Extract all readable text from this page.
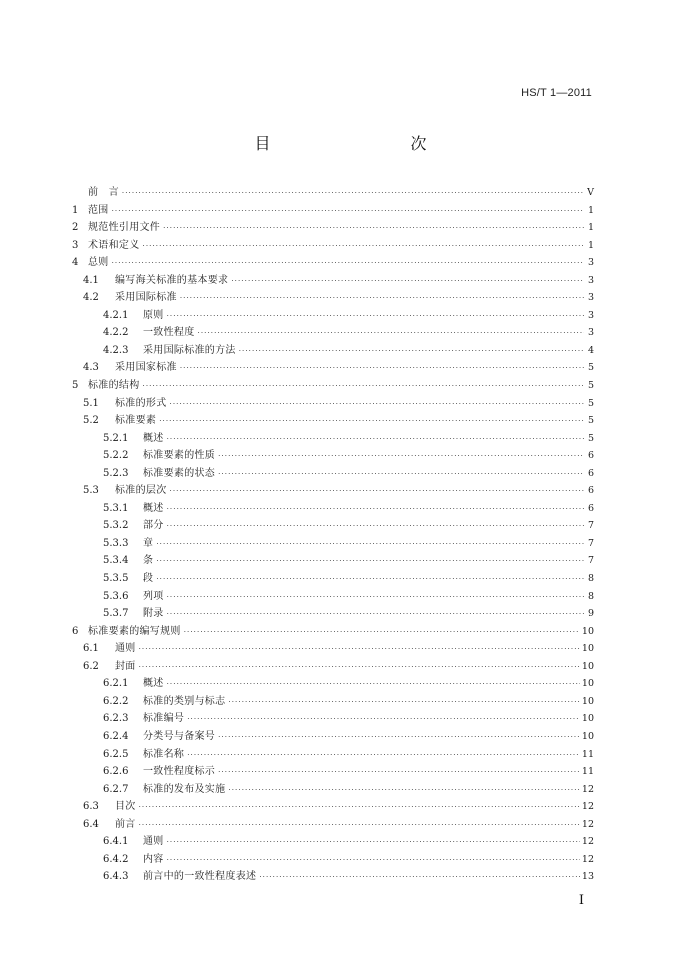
HS/T 1—2011
目　　次
前　言 ·····	Ⅴ
1 范围 ·····	1
2 规范性引用文件 ·····	1
3 术语和定义 ·····	1
4 总则 ·····	3
4.1	编写海关标准的基本要求 ·····	3
4.2	采用国际标准 ·····	3
4.2.1	原则 ·····	3
4.2.2	一致性程度 ·····	3
4.2.3	采用国际标准的方法 ·····	4
4.3	采用国家标准 ·····	5
5 标准的结构 ·····	5
5.1	标准的形式 ·····	5
5.2	标准要素 ·····	5
5.2.1	概述 ·····	5
5.2.2	标准要素的性质 ·····	6
5.2.3	标准要素的状态 ·····	6
5.3	标准的层次 ·····	6
5.3.1	概述 ·····	6
5.3.2	部分 ·····	7
5.3.3	章 ·····	7
5.3.4	条 ·····	7
5.3.5	段 ·····	8
5.3.6	列项 ·····	8
5.3.7	附录 ·····	9
6 标准要素的编写规则 ·····	10
6.1	通则 ·····	10
6.2	封面 ·····	10
6.2.1	概述 ·····	10
6.2.2	标准的类别与标志 ·····	10
6.2.3	标准编号 ·····	10
6.2.4	分类号与备案号 ·····	10
6.2.5	标准名称 ·····	11
6.2.6	一致性程度标示 ·····	11
6.2.7	标准的发布及实施 ·····	12
6.3	目次 ·····	12
6.4	前言 ·····	12
6.4.1	通则 ·····	12
6.4.2	内容 ·····	12
6.4.3	前言中的一致性程度表述 ·····	13
Ⅰ
